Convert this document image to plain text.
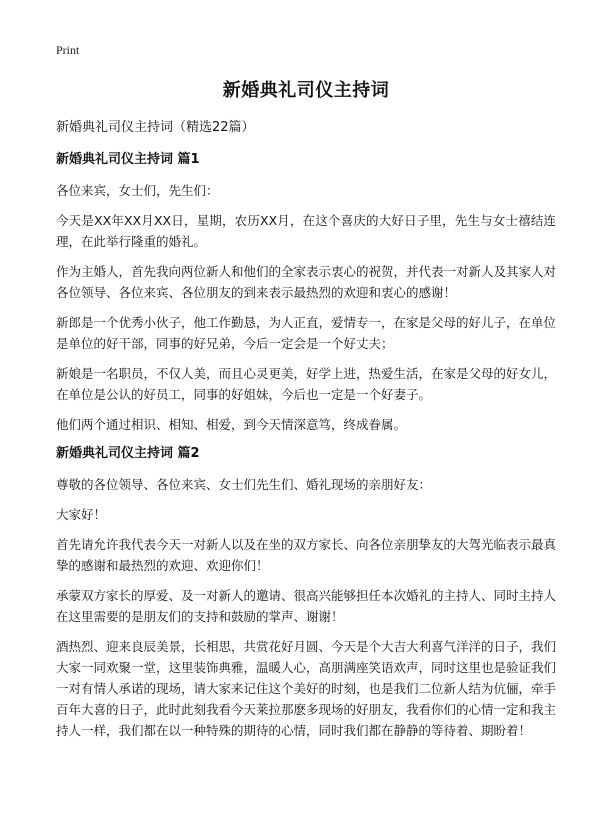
Print
新婚典礼司仪主持词
新婚典礼司仪主持词（精选22篇）
新婚典礼司仪主持词 篇1

各位来宾，女士们，先生们：

今天是XX年XX月XX日，星期，农历XX月，在这个喜庆的大好日子里，先生与女士禧结连理，在此举行隆重的婚礼。

作为主婚人，首先我向两位新人和他们的全家表示衷心的祝贺，并代表一对新人及其家人对各位领导、各位来宾、各位朋友的到来表示最热烈的欢迎和衷心的感谢！

新郎是一个优秀小伙子，他工作勤恳，为人正直，爱情专一，在家是父母的好儿子，在单位是单位的好干部，同事的好兄弟，今后一定会是一个好丈夫；

新娘是一名职员，不仅人美，而且心灵更美，好学上进，热爱生活，在家是父母的好女儿，在单位是公认的好员工，同事的好姐妹，今后也一定是一个好妻子。

他们两个通过相识、相知、相爱，到今天情深意笃，终成眷属。

新婚典礼司仪主持词 篇2

尊敬的各位领导、各位来宾、女士们先生们、婚礼现场的亲朋好友：

大家好！

首先请允许我代表今天一对新人以及在坐的双方家长、向各位亲朋挚友的大驾光临表示最真挚的感谢和最热烈的欢迎、欢迎你们！

承蒙双方家长的厚爱、及一对新人的邀请、很高兴能够担任本次婚礼的主持人、同时主持人在这里需要的是朋友们的支持和鼓励的掌声、谢谢！

酒热烈、迎来良辰美景，长相思，共赏花好月圆、今天是个大吉大利喜气洋洋的日子，我们大家一同欢聚一堂，这里装饰典雅，温暖人心，高朋满座笑语欢声，同时这里也是验证我们一对有情人承诺的现场，请大家来记住这个美好的时刻，也是我们二位新人结为伉俪，牵手百年大喜的日子，此时此刻我看今天莱拉那麽多现场的好朋友，我看你们的心情一定和我主持人一样，我们都在以一种特殊的期待的心情，同时我们都在静静的等待着、期盼着！
